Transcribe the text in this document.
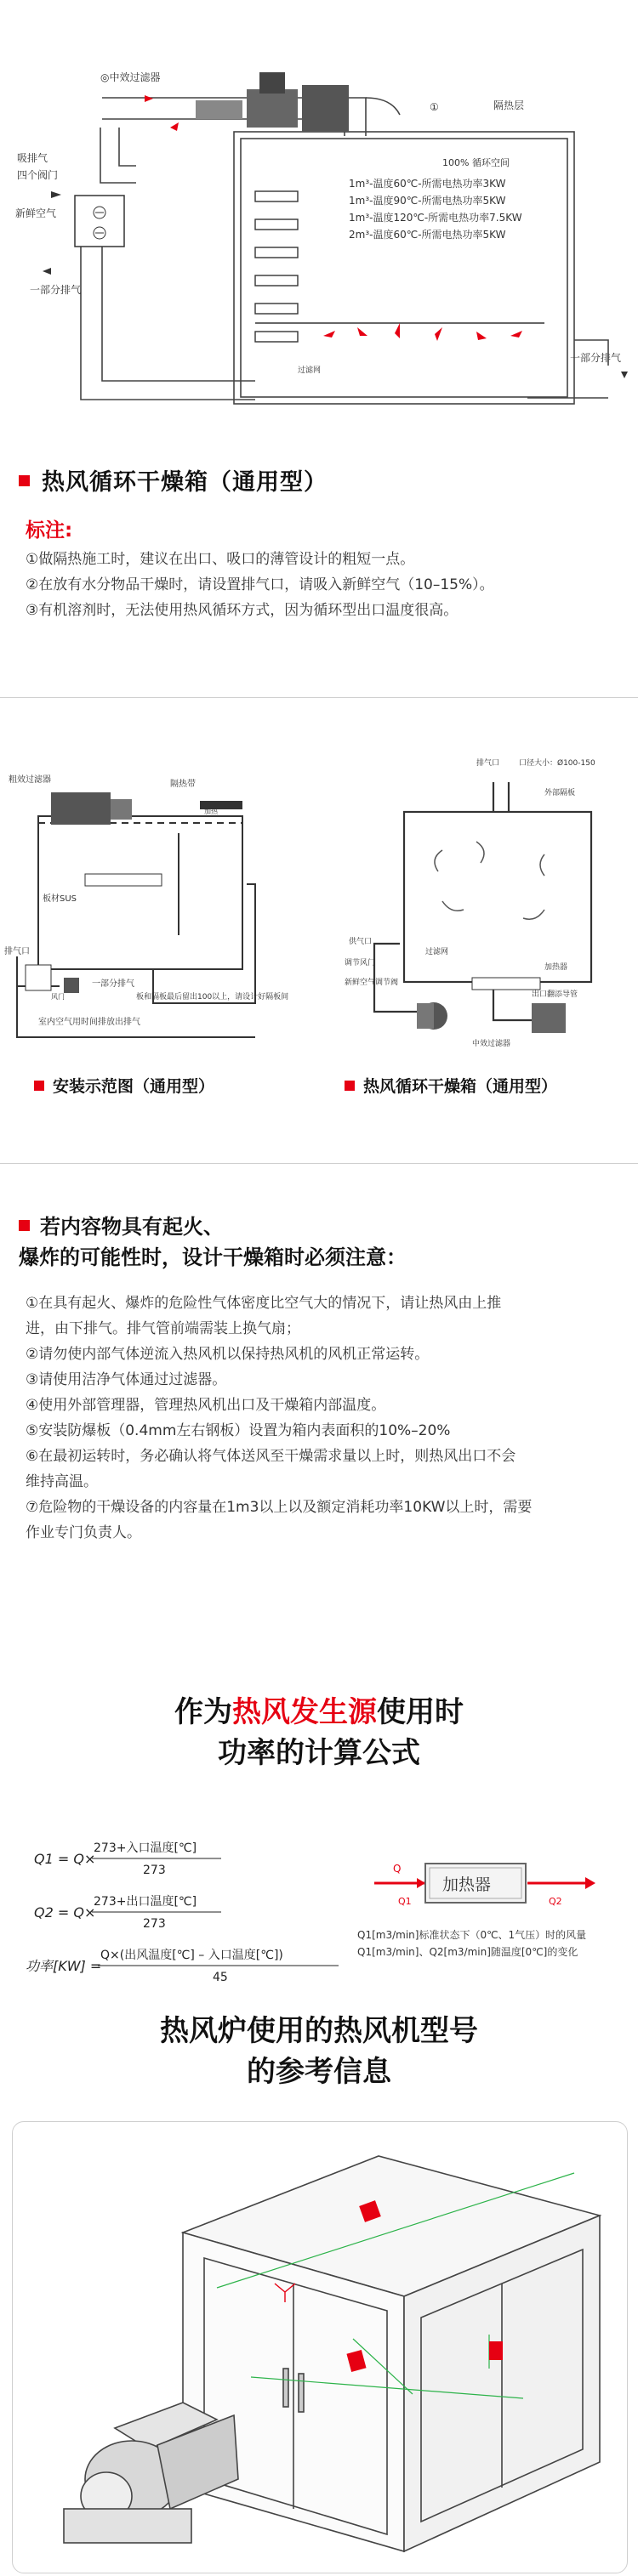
◎中效过滤器
隔热层
吸排气
四个阀门
新鲜空气
一部分排气
一部分排气
过滤网
①
100% 循环空间
1m³-温度60℃-所需电热功率3KW
1m³-温度90℃-所需电热功率5KW
1m³-温度120℃-所需电热功率7.5KW
2m³-温度60℃-所需电热功率5KW
热风循环干燥箱（通用型）
标注:
①做隔热施工时，建议在出口、吸口的薄管设计的粗短一点。
②在放有水分物品干燥时，请设置排气口，请吸入新鲜空气（10–15%）。
③有机溶剂时，无法使用热风循环方式，因为循环型出口温度很高。
粗效过滤器	隔热带
板材SUS
板和隔板最后留出100以上，请设计好隔板间
一部分排气
排气口
室内空气用时间排放出排气
加热
风门
排气口	口径大小：Ø100-150
外部隔板
供气口
调节风门
新鲜空气调节阀
过滤网
出口翻添导管
中效过滤器
加热器
安装示范图（通用型）	热风循环干燥箱（通用型）
若内容物具有起火、
爆炸的可能性时，设计干燥箱时必须注意：
①在具有起火、爆炸的危险性气体密度比空气大的情况下，请让热风由上推
进，由下排气。排气管前端需装上换气扇；
②请勿使内部气体逆流入热风机以保持热风机的风机正常运转。
③请使用洁净气体通过过滤器。
④使用外部管理器，管理热风机出口及干燥箱内部温度。
⑤安装防爆板（0.4mm左右钢板）设置为箱内表面积的10%–20%
⑥在最初运转时，务必确认将气体送风至干燥需求量以上时，则热风出口不会
维持高温。
⑦危险物的干燥设备的内容量在1m3以上以及额定消耗功率10KW以上时，需要
作业专门负责人。
作为热风发生源使用时
功率的计算公式
Q1 = Q×
273+入口温度[℃]
273
Q2 = Q×
273+出口温度[℃]
273
功率[KW] =
Q×(出风温度[℃] – 入口温度[℃])
45
加热器
Q
Q1	Q2
Q1[m3/min]标准状态下（0℃、1气压）时的风量
Q1[m3/min]、Q2[m3/min]随温度[0℃]的变化
热风炉使用的热风机型号
的参考信息
